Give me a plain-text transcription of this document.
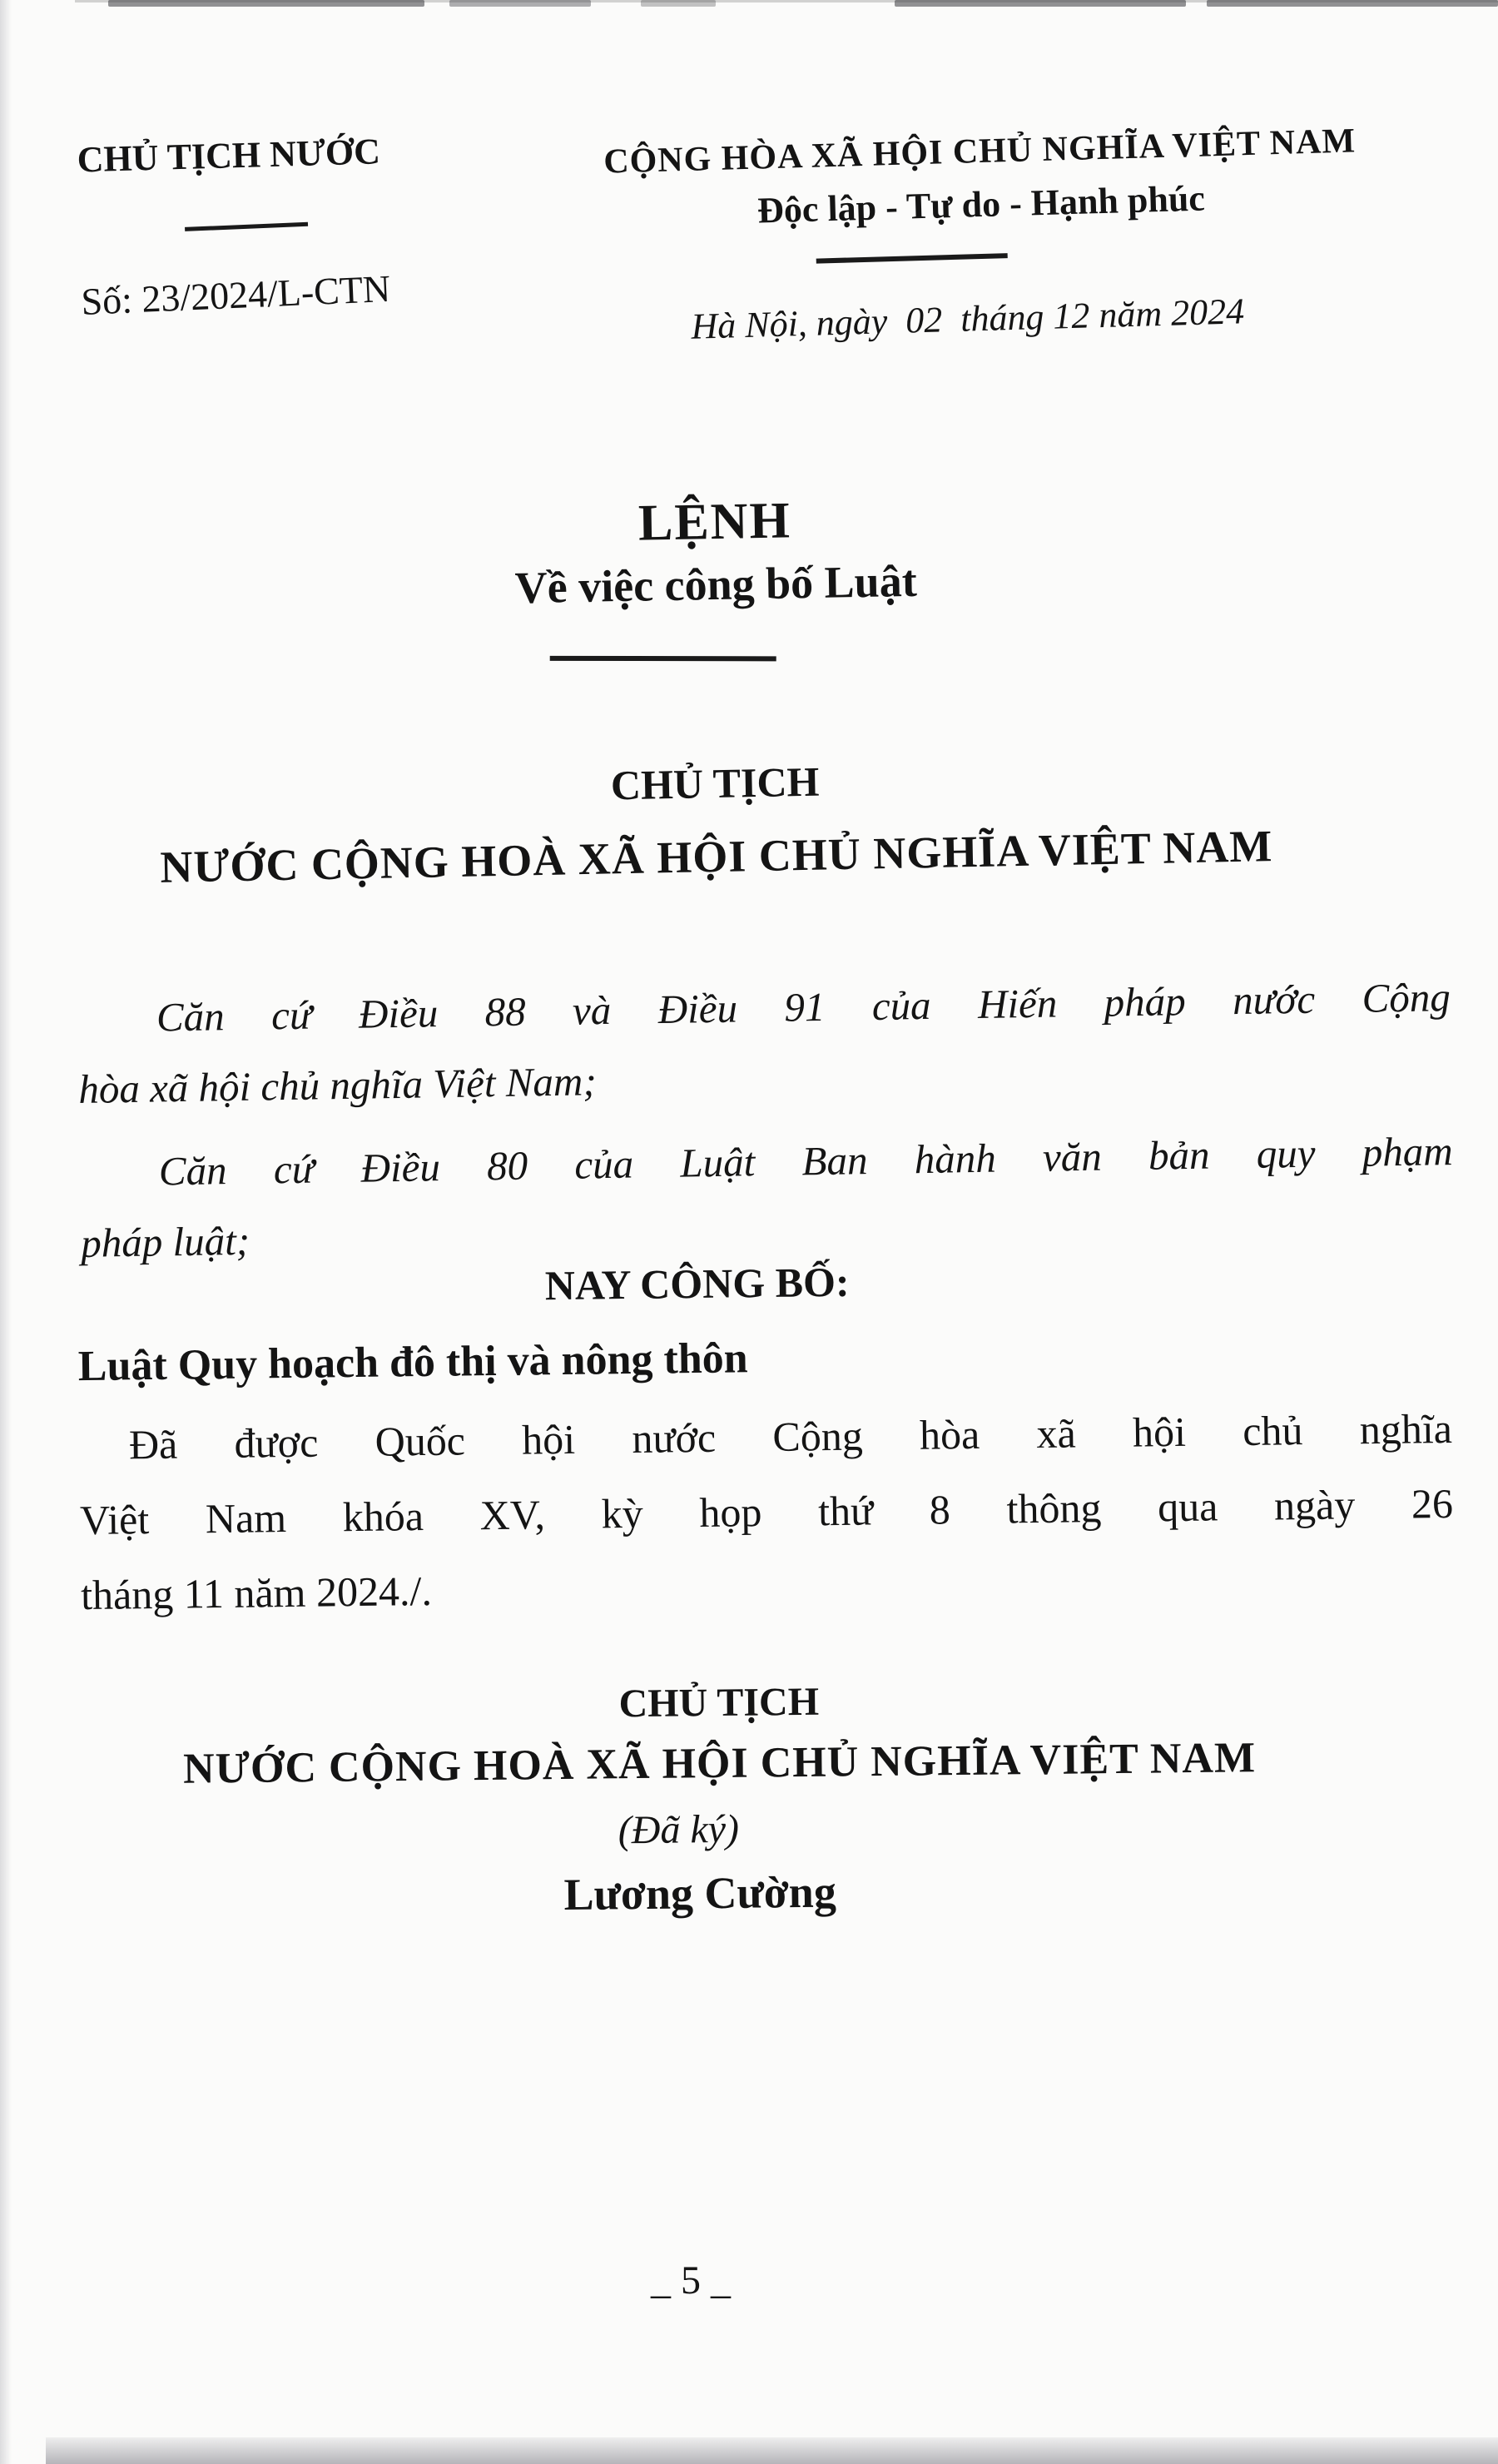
CHỦ TỊCH NƯỚC
Số: 23/2024/L-CTN
CỘNG HÒA XÃ HỘI CHỦ NGHĨA VIỆT NAM
Độc lập - Tự do - Hạnh phúc
Hà Nội, ngày  02  tháng 12 năm 2024
LỆNH
Về việc công bố Luật
CHỦ TỊCH
NƯỚC CỘNG HOÀ XÃ HỘI CHỦ NGHĨA VIỆT NAM
Căn cứ Điều 88 và Điều 91 của Hiến pháp nước Cộng
hòa xã hội chủ nghĩa Việt Nam;
Căn cứ Điều 80 của Luật Ban hành văn bản quy phạm
pháp luật;
NAY CÔNG BỐ:
Luật Quy hoạch đô thị và nông thôn
Đã được Quốc hội nước Cộng hòa xã hội chủ nghĩa
Việt Nam khóa XV, kỳ họp thứ 8 thông qua ngày 26
tháng 11 năm 2024./.
CHỦ TỊCH
NƯỚC CỘNG HOÀ XÃ HỘI CHỦ NGHĨA VIỆT NAM
(Đã ký)
Lương Cường
_ 5 _
